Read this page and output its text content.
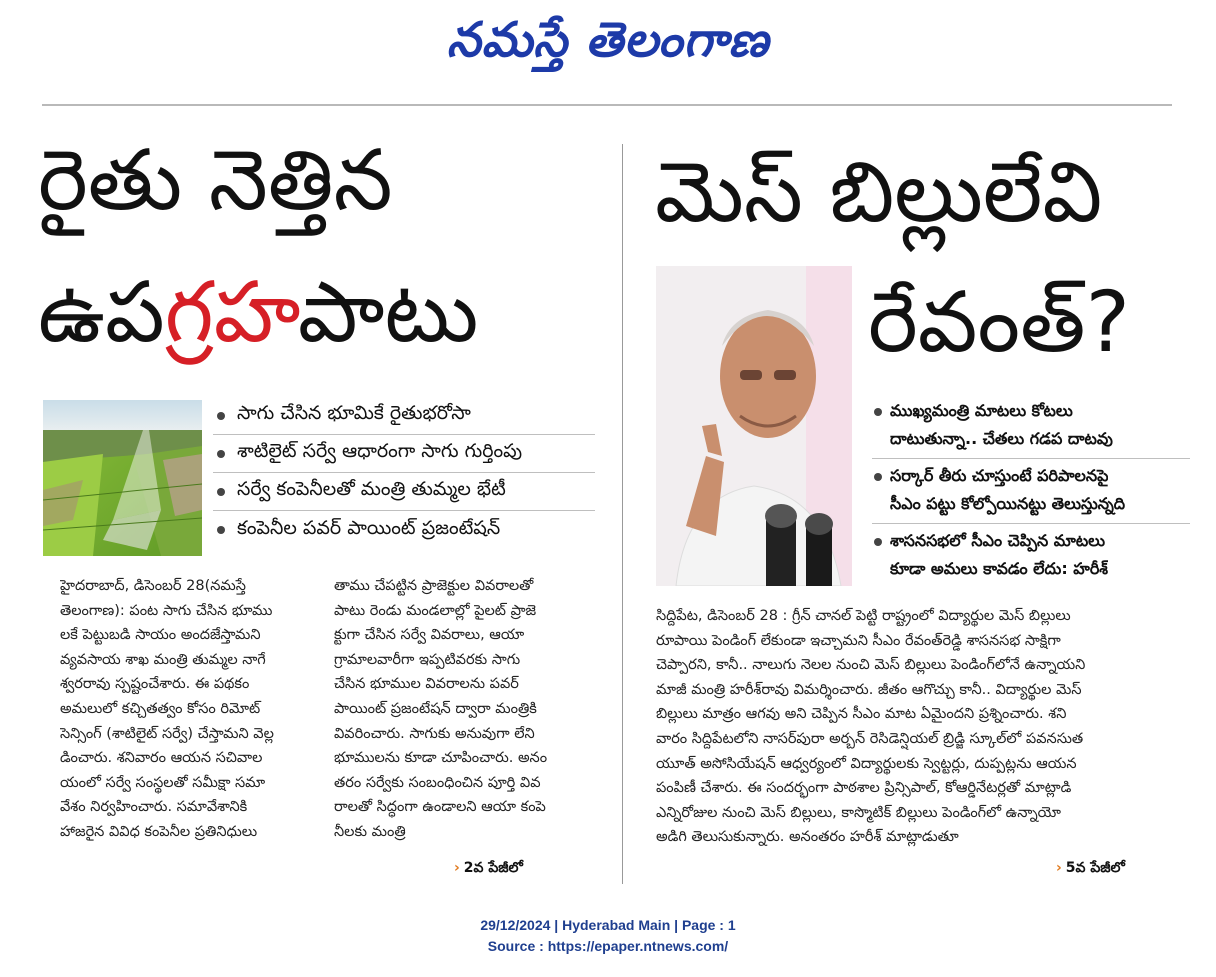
నమస్తే తెలంగాణ
రైతు నెత్తిన
ఉపగ్రహపాటు
సాగు చేసిన భూమికే రైతుభరోసా
శాటిలైట్ సర్వే ఆధారంగా సాగు గుర్తింపు
సర్వే కంపెనీలతో మంత్రి తుమ్మల భేటీ
కంపెనీల పవర్ పాయింట్ ప్రజంటేషన్
హైదరాబాద్, డిసెంబర్ 28(నమస్తే
తెలంగాణ): పంట సాగు చేసిన భూము
లకే పెట్టుబడి సాయం అందజేస్తామని
వ్యవసాయ శాఖ మంత్రి తుమ్మల నాగే
శ్వరరావు స్పష్టంచేశారు. ఈ పథకం
అమలులో కచ్చితత్వం కోసం రిమోట్
సెన్సింగ్ (శాటిలైట్ సర్వే) చేస్తామని వెల్ల
డించారు. శనివారం ఆయన సచివాల
యంలో సర్వే సంస్థలతో సమీక్షా సమా
వేశం నిర్వహించారు. సమావేశానికి
హాజరైన వివిధ కంపెనీల ప్రతినిధులు
తాము చేపట్టిన ప్రాజెక్టుల వివరాలతో
పాటు రెండు మండలాల్లో పైలట్ ప్రాజె
క్టుగా చేసిన సర్వే వివరాలు, ఆయా
గ్రామాలవారీగా ఇప్పటివరకు సాగు
చేసిన భూముల వివరాలను పవర్
పాయింట్ ప్రజంటేషన్ ద్వారా మంత్రికి
వివరించారు. సాగుకు అనువుగా లేని
భూములను కూడా చూపించారు. అనం
తరం సర్వేకు సంబంధించిన పూర్తి వివ
రాలతో సిద్ధంగా ఉండాలని ఆయా కంపె
నీలకు మంత్రి
› 2వ పేజీలో
మెస్ బిల్లులేవి
రేవంత్?
ముఖ్యమంత్రి మాటలు కోటలు
దాటుతున్నా.. చేతలు గడప దాటవు
సర్కార్ తీరు చూస్తుంటే పరిపాలనపై
సీఎం పట్టు కోల్పోయినట్టు తెలుస్తున్నది
శాసనసభలో సీఎం చెప్పిన మాటలు
కూడా అమలు కావడం లేదు: హరీశ్
సిద్దిపేట, డిసెంబర్ 28 : గ్రీన్ చానల్ పెట్టి రాష్ట్రంలో విద్యార్థుల మెస్ బిల్లులు
రూపాయి పెండింగ్ లేకుండా ఇచ్చామని సీఎం రేవంత్‌రెడ్డి శాసనసభ సాక్షిగా
చెప్పారని, కానీ.. నాలుగు నెలల నుంచి మెస్ బిల్లులు పెండింగ్‌లోనే ఉన్నాయని
మాజీ మంత్రి హరీశ్‌రావు విమర్శించారు. జీతం ఆగొచ్చు కానీ.. విద్యార్థుల మెస్
బిల్లులు మాత్రం ఆగవు అని చెప్పిన సీఎం మాట ఏమైందని ప్రశ్నించారు. శని
వారం సిద్దిపేటలోని నాసర్‌పురా అర్బన్ రెసిడెన్షియల్ బ్రిడ్జి స్కూల్‌లో పవనసుత
యూత్ అసోసియేషన్ ఆధ్వర్యంలో విద్యార్థులకు స్వెట్టర్లు, దుప్పట్లను ఆయన
పంపిణీ చేశారు. ఈ సందర్భంగా పాఠశాల ప్రిన్సిపాల్, కోఆర్డినేటర్లతో మాట్లాడి
ఎన్నిరోజుల నుంచి మెస్ బిల్లులు, కాస్మొటిక్ బిల్లులు పెండింగ్‌లో ఉన్నాయో
అడిగి తెలుసుకున్నారు. అనంతరం హరీశ్ మాట్లాడుతూ
› 5వ పేజీలో
29/12/2024 | Hyderabad Main | Page : 1
Source : https://epaper.ntnews.com/
